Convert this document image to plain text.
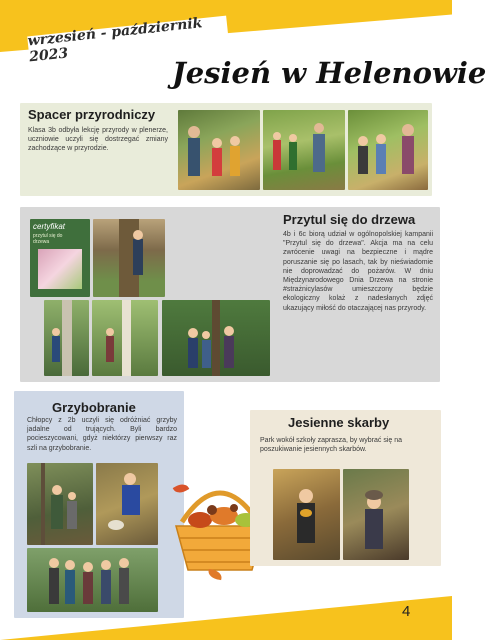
wrzesień - październik 2023
Jesień w Helenowie
Spacer przyrodniczy
Klasa 3b odbyła lekcję przyrody w plenerze, uczniowie uczyli się dostrzegać zmiany zachodzące w przyrodzie.
Przytul się do drzewa
4b i 6c biorą udział w ogólnopolskiej kampanii "Przytul się do drzewa". Akcja ma na celu zwrócenie uwagi na bezpieczne i mądre poruszanie się po lasach, tak by nieświadomie nie doprowadzać do pożarów. W dniu Międzynarodowego Dnia Drzewa na stronie #strażnicylasów umieszczony będzie ekologiczny kolaż z nadesłanych zdjęć ukazujący miłość do otaczającej nas przyrody.
certyfikat
przytul się do drzewa
Grzybobranie
Chłopcy z 2b uczyli się odróżniać grzyby jadalne od trujących. Byli bardzo pocieszycowani, gdyż niektórzy pierwszy raz szli na grzybobranie.
Jesienne skarby
Park wokół szkoły zaprasza, by wybrać się na poszukiwanie jesiennych skarbów.
4
